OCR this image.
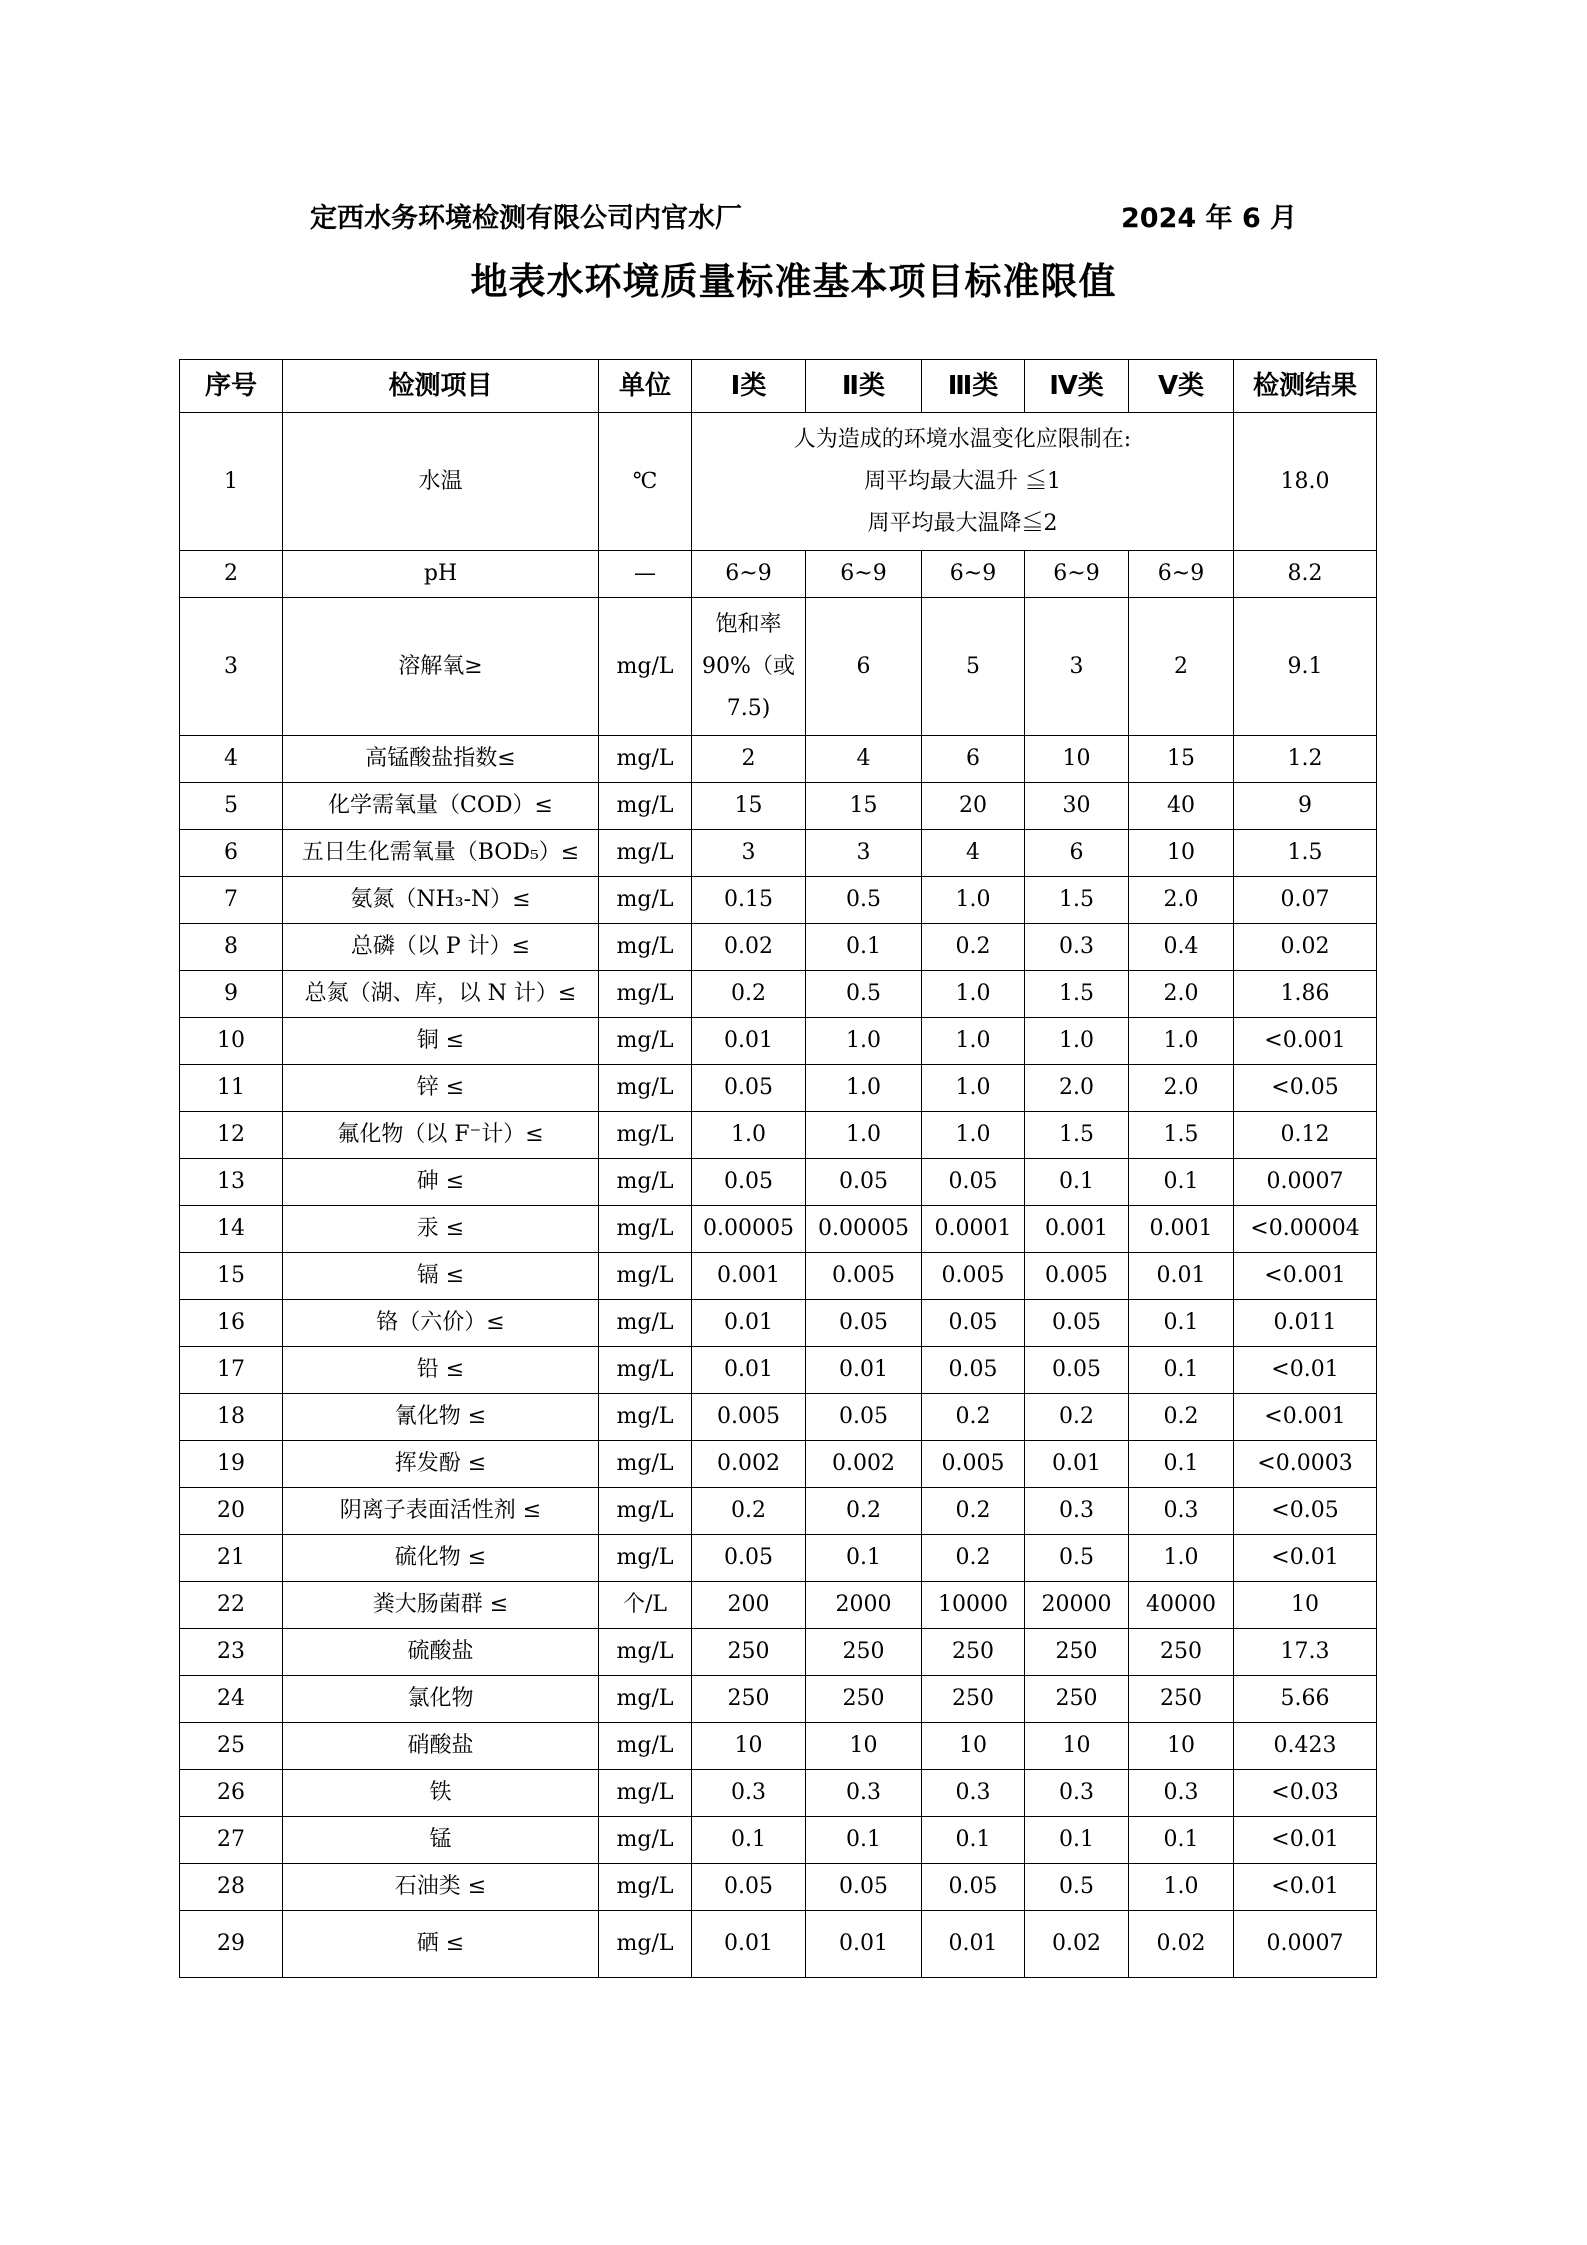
定西水务环境检测有限公司内官水厂	2024 年 6 月
地表水环境质量标准基本项目标准限值
序号	检测项目	单位	Ⅰ类	Ⅱ类	Ⅲ类	Ⅳ类	Ⅴ类	检测结果
1	水温	℃	人为造成的环境水温变化应限制在:
周平均最大温升 ≦1
周平均最大温降≦2					18.0
2	pH	—	6~9	6~9	6~9	6~9	6~9	8.2
3	溶解氧≥	mg/L	饱和率
90%（或
7.5)	6	5	3	2	9.1
4	高锰酸盐指数≤	mg/L	2	4	6	10	15	1.2
5	化学需氧量（COD）≤	mg/L	15	15	20	30	40	9
6	五日生化需氧量（BOD₅）≤	mg/L	3	3	4	6	10	1.5
7	氨氮（NH₃-N）≤	mg/L	0.15	0.5	1.0	1.5	2.0	0.07
8	总磷（以 P 计）≤	mg/L	0.02	0.1	0.2	0.3	0.4	0.02
9	总氮（湖、库，以 N 计）≤	mg/L	0.2	0.5	1.0	1.5	2.0	1.86
10	铜 ≤	mg/L	0.01	1.0	1.0	1.0	1.0	<0.001
11	锌 ≤	mg/L	0.05	1.0	1.0	2.0	2.0	<0.05
12	氟化物（以 F⁻计）≤	mg/L	1.0	1.0	1.0	1.5	1.5	0.12
13	砷 ≤	mg/L	0.05	0.05	0.05	0.1	0.1	0.0007
14	汞 ≤	mg/L	0.00005	0.00005	0.0001	0.001	0.001	<0.00004
15	镉 ≤	mg/L	0.001	0.005	0.005	0.005	0.01	<0.001
16	铬（六价）≤	mg/L	0.01	0.05	0.05	0.05	0.1	0.011
17	铅 ≤	mg/L	0.01	0.01	0.05	0.05	0.1	<0.01
18	氰化物 ≤	mg/L	0.005	0.05	0.2	0.2	0.2	<0.001
19	挥发酚 ≤	mg/L	0.002	0.002	0.005	0.01	0.1	<0.0003
20	阴离子表面活性剂 ≤	mg/L	0.2	0.2	0.2	0.3	0.3	<0.05
21	硫化物 ≤	mg/L	0.05	0.1	0.2	0.5	1.0	<0.01
22	粪大肠菌群 ≤	个/L	200	2000	10000	20000	40000	10
23	硫酸盐	mg/L	250	250	250	250	250	17.3
24	氯化物	mg/L	250	250	250	250	250	5.66
25	硝酸盐	mg/L	10	10	10	10	10	0.423
26	铁	mg/L	0.3	0.3	0.3	0.3	0.3	<0.03
27	锰	mg/L	0.1	0.1	0.1	0.1	0.1	<0.01
28	石油类 ≤	mg/L	0.05	0.05	0.05	0.5	1.0	<0.01
29	硒 ≤	mg/L	0.01	0.01	0.01	0.02	0.02	0.0007
